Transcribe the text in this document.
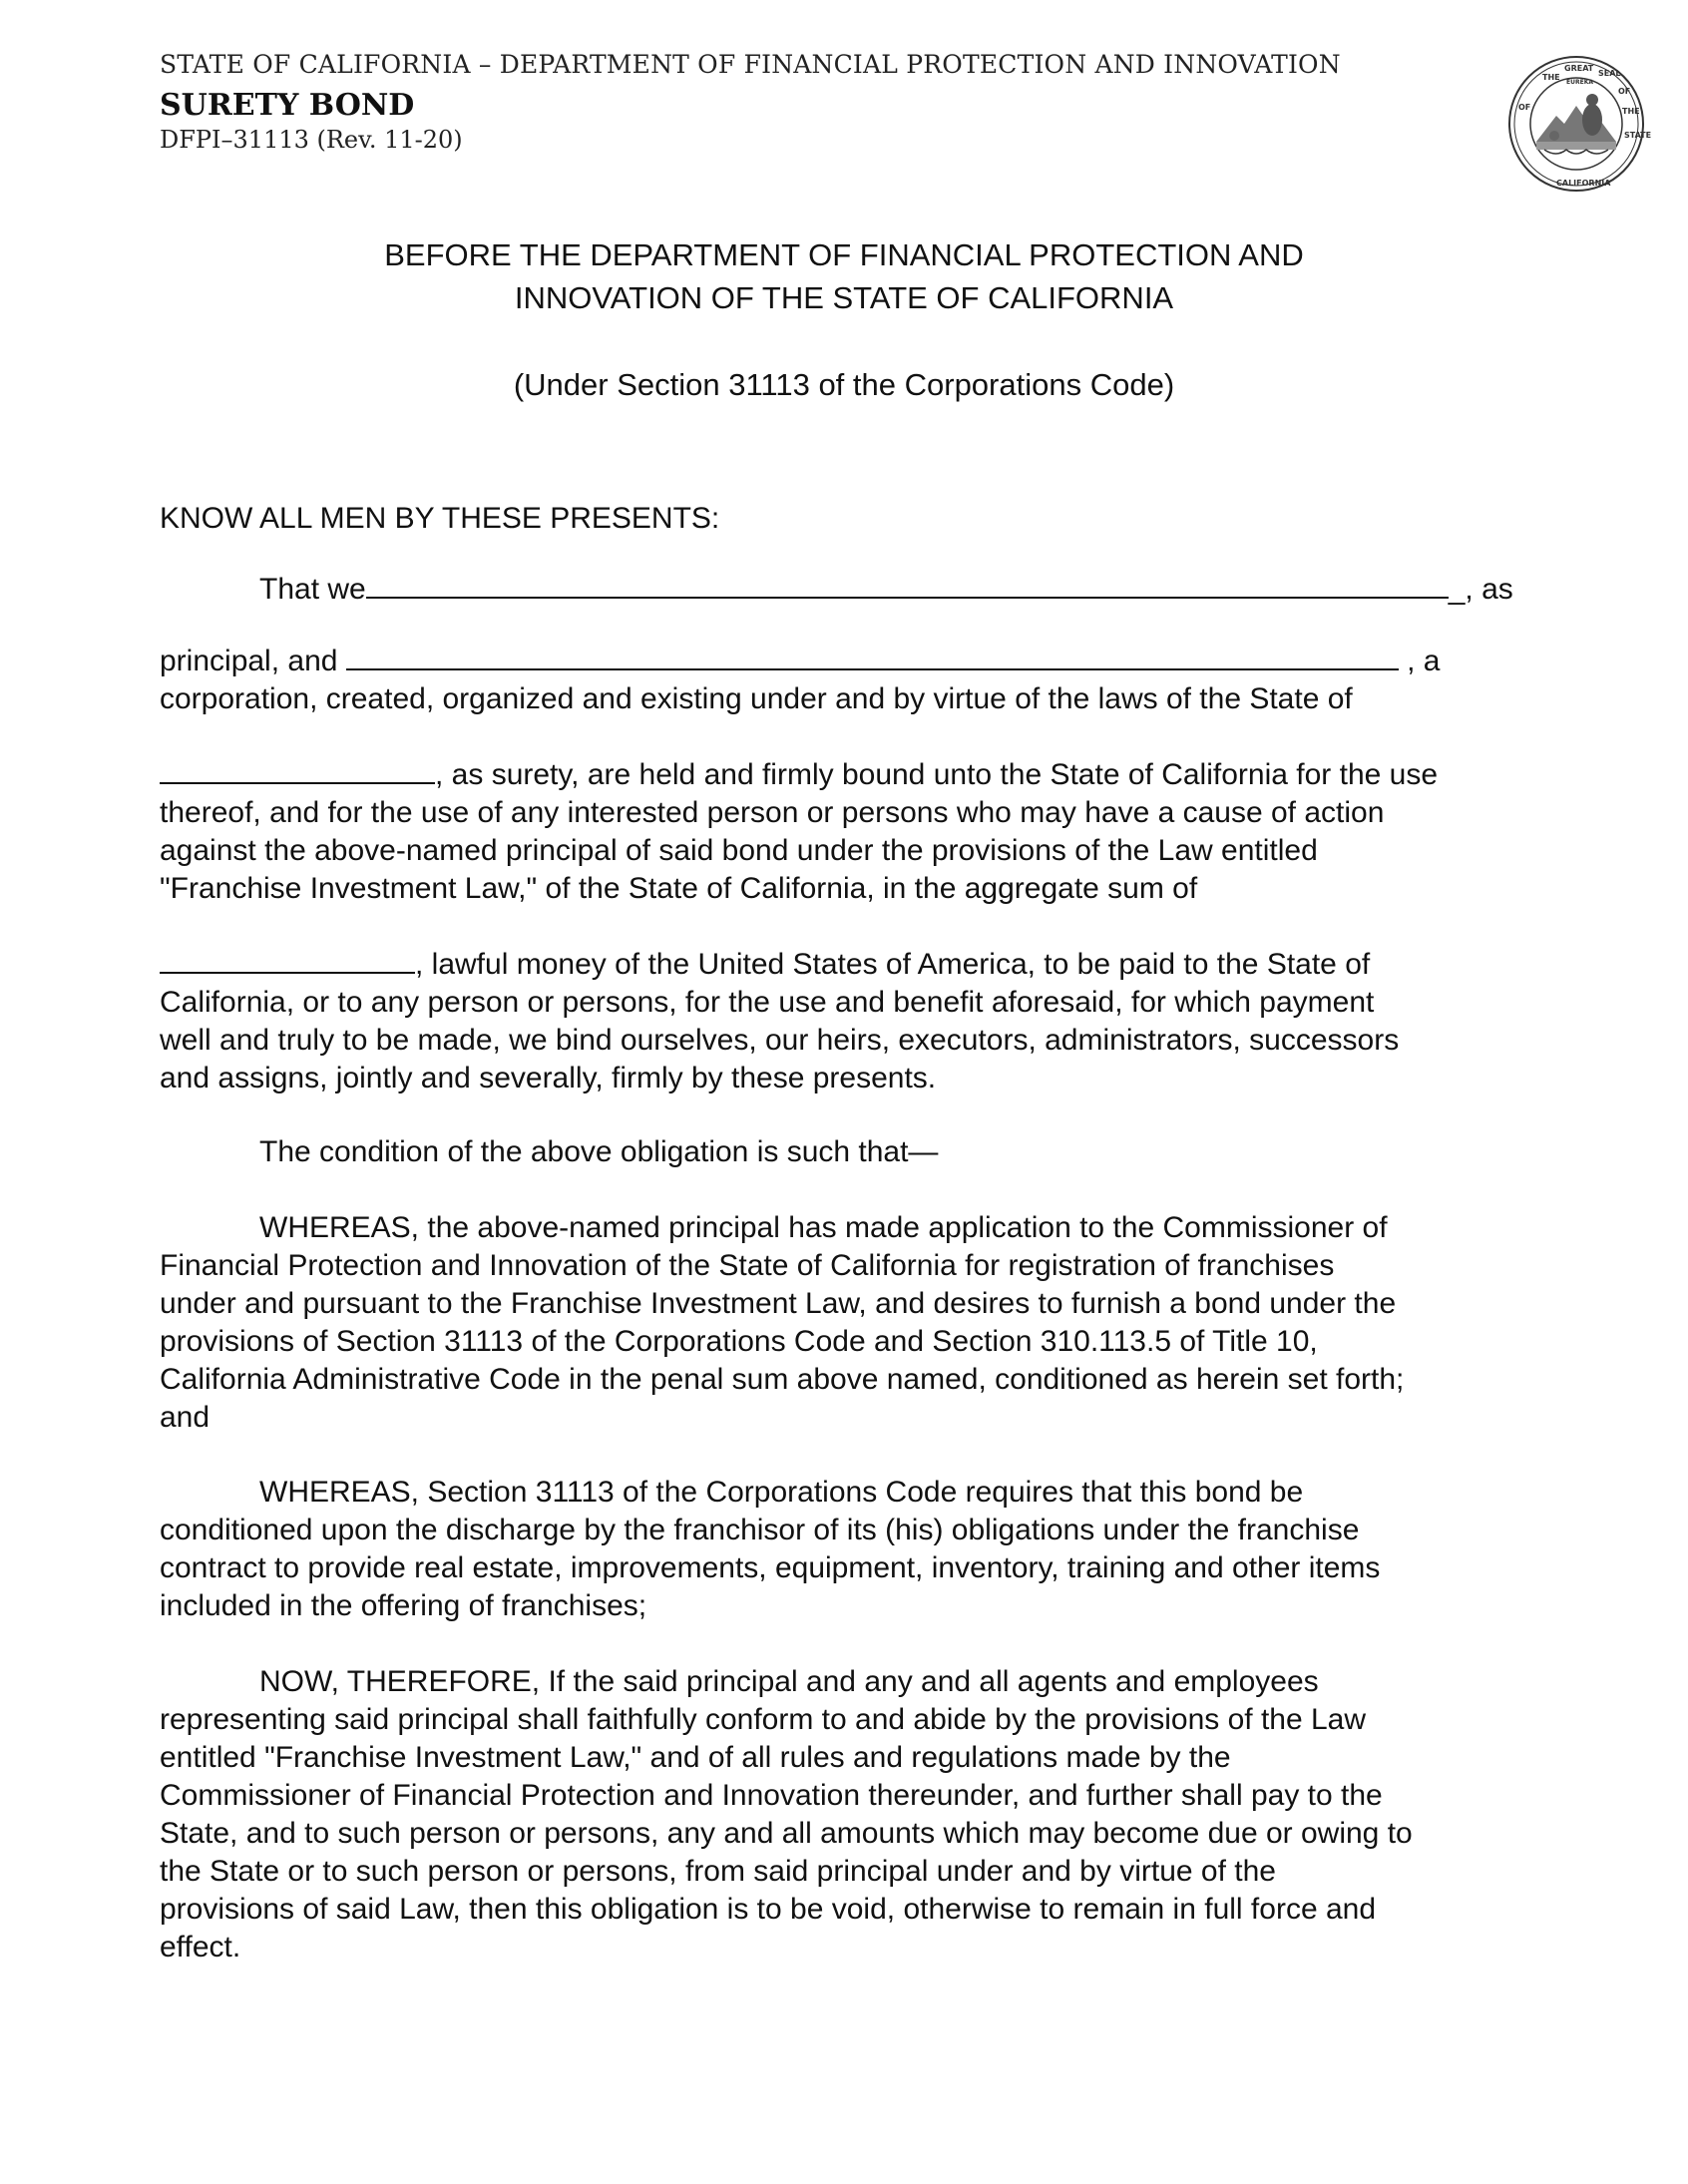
STATE OF CALIFORNIA – DEPARTMENT OF FINANCIAL PROTECTION AND INNOVATION
SURETY BOND
DFPI–31113 (Rev. 11-20)
THE
GREAT
SEAL
OF
OF	THE
STATE
CALIFORNIA
EUREKA
BEFORE THE DEPARTMENT OF FINANCIAL PROTECTION AND
INNOVATION OF THE STATE OF CALIFORNIA
(Under Section 31113 of the Corporations Code)
KNOW ALL MEN BY THESE PRESENTS:
That we	_, as
principal, and	, a
corporation, created, organized and existing under and by virtue of the laws of the State of
, as surety, are held and firmly bound unto the State of California for the use
thereof, and for the use of any interested person or persons who may have a cause of action
against the above-named principal of said bond under the provisions of the Law entitled
"Franchise Investment Law," of the State of California, in the aggregate sum of
, lawful money of the United States of America, to be paid to the State of
California, or to any person or persons, for the use and benefit aforesaid, for which payment
well and truly to be made, we bind ourselves, our heirs, executors, administrators, successors
and assigns, jointly and severally, firmly by these presents.
The condition of the above obligation is such that—
WHEREAS, the above-named principal has made application to the Commissioner of
Financial Protection and Innovation of the State of California for registration of franchises
under and pursuant to the Franchise Investment Law, and desires to furnish a bond under the
provisions of Section 31113 of the Corporations Code and Section 310.113.5 of Title 10,
California Administrative Code in the penal sum above named, conditioned as herein set forth;
and
WHEREAS, Section 31113 of the Corporations Code requires that this bond be
conditioned upon the discharge by the franchisor of its (his) obligations under the franchise
contract to provide real estate, improvements, equipment, inventory, training and other items
included in the offering of franchises;
NOW, THEREFORE, If the said principal and any and all agents and employees
representing said principal shall faithfully conform to and abide by the provisions of the Law
entitled "Franchise Investment Law," and of all rules and regulations made by the
Commissioner of Financial Protection and Innovation thereunder, and further shall pay to the
State, and to such person or persons, any and all amounts which may become due or owing to
the State or to such person or persons, from said principal under and by virtue of the
provisions of said Law, then this obligation is to be void, otherwise to remain in full force and
effect.
